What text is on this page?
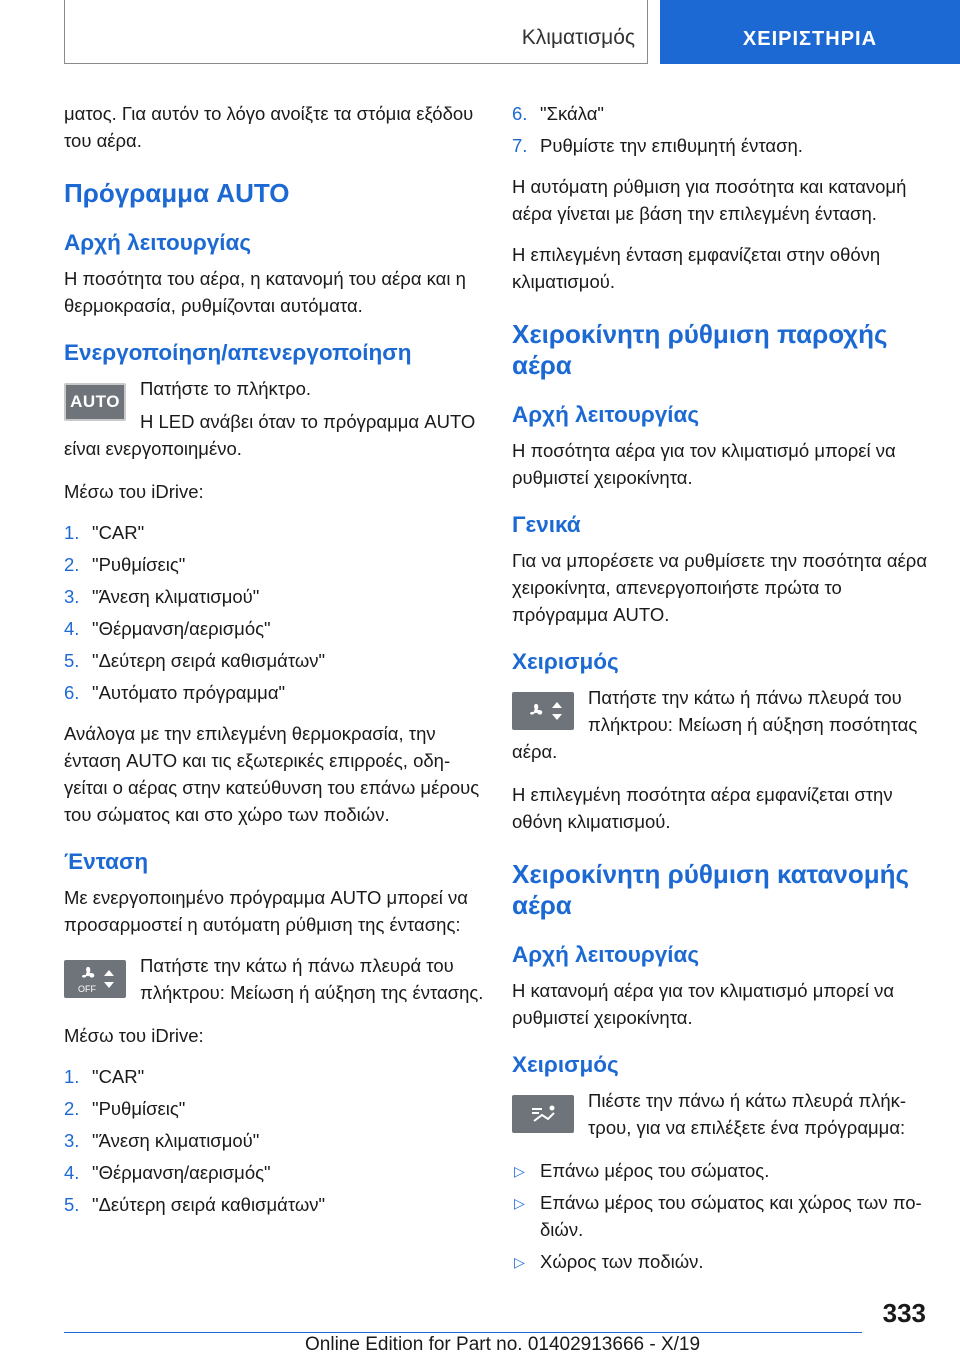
Κλιματισμός	ΧΕΙΡΙΣΤΗΡΙΑ

ματος. Για αυτόν το λόγο ανοίξτε τα στόμια εξόδου του αέρα.

Πρόγραμμα AUTO
Αρχή λειτουργίας

Η ποσότητα του αέρα, η κατανομή του αέρα και η θερμοκρασία, ρυθμίζονται αυτόματα.

Ενεργοποίηση/απενεργοποίηση
AUTO

Πατήστε το πλήκτρο.

Η LED ανάβει όταν το πρόγραμμα AUTO είναι ενεργοποιημένο.

Μέσω του iDrive:

1. "CAR"
2. "Ρυθμίσεις"
3. "Άνεση κλιματισμού"
4. "Θέρμανση/αερισμός"
5. "Δεύτερη σειρά καθισμάτων"
6. "Αυτόματο πρόγραμμα"

Ανάλογα με την επιλεγμένη θερμοκρασία, την ένταση AUTO και τις εξωτερικές επιρροές, οδηγείται ο αέρας στην κατεύθυνση του επάνω μέρους του σώματος και στο χώρο των ποδιών.

Ένταση

Με ενεργοποιημένο πρόγραμμα AUTO μπορεί να προσαρμοστεί η αυτόματη ρύθμιση της έντασης:

OFF

Πατήστε την κάτω ή πάνω πλευρά του πλήκτρου: Μείωση ή αύξηση της έντασης.

Μέσω του iDrive:

1. "CAR"
2. "Ρυθμίσεις"
3. "Άνεση κλιματισμού"
4. "Θέρμανση/αερισμός"
5. "Δεύτερη σειρά καθισμάτων"
6. "Σκάλα"
7. Ρυθμίστε την επιθυμητή ένταση.

Η αυτόματη ρύθμιση για ποσότητα και κατανομή αέρα γίνεται με βάση την επιλεγμένη ένταση.

Η επιλεγμένη ένταση εμφανίζεται στην οθόνη κλιματισμού.

Χειροκίνητη ρύθμιση παροχής αέρα
Αρχή λειτουργίας

Η ποσότητα αέρα για τον κλιματισμό μπορεί να ρυθμιστεί χειροκίνητα.

Γενικά

Για να μπορέσετε να ρυθμίσετε την ποσότητα αέρα χειροκίνητα, απενεργοποιήστε πρώτα το πρόγραμμα AUTO.

Χειρισμός

Πατήστε την κάτω ή πάνω πλευρά του πλήκτρου: Μείωση ή αύξηση ποσότητας αέρα.

Η επιλεγμένη ποσότητα αέρα εμφανίζεται στην οθόνη κλιματισμού.

Χειροκίνητη ρύθμιση κατανομής αέρα
Αρχή λειτουργίας

Η κατανομή αέρα για τον κλιματισμό μπορεί να ρυθμιστεί χειροκίνητα.

Χειρισμός

Πιέστε την πάνω ή κάτω πλευρά πλήκτρου, για να επιλέξετε ένα πρόγραμμα:

▷ Επάνω μέρος του σώματος.
▷ Επάνω μέρος του σώματος και χώρος των ποδιών.
▷ Χώρος των ποδιών.
333
Online Edition for Part no. 01402913666 - X/19
